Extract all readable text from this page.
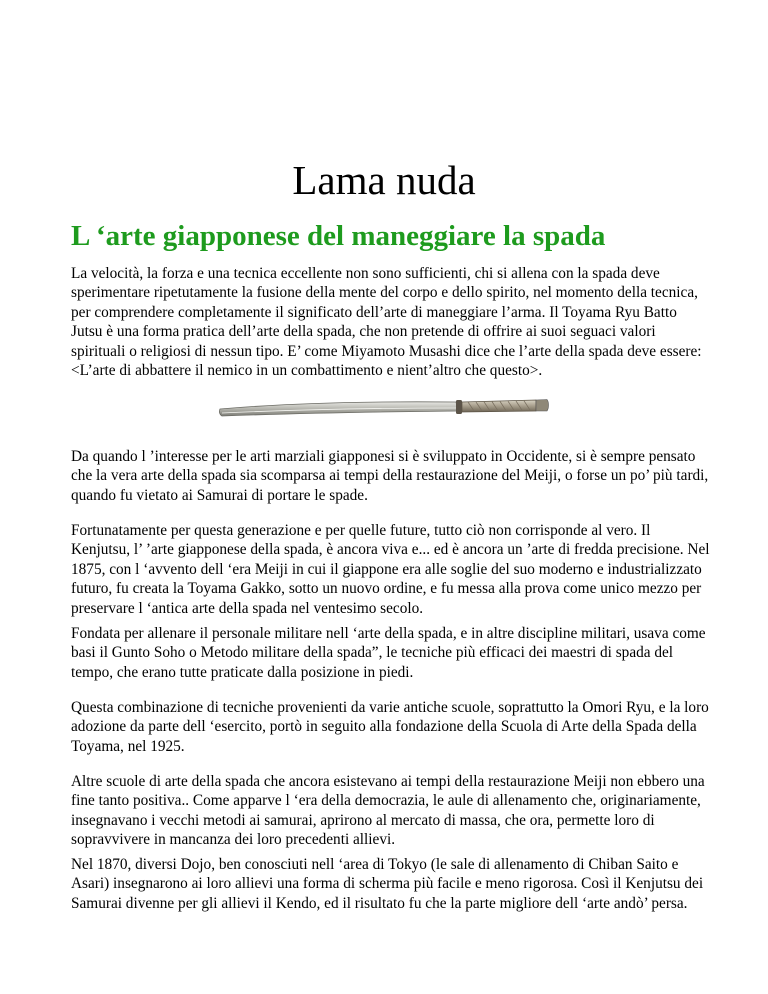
Lama nuda
L ‘arte giapponese del maneggiare la spada

La velocità, la forza e una tecnica eccellente non sono sufficienti, chi si allena con la spada deve sperimentare ripetutamente la fusione della mente del corpo e dello spirito, nel momento della tecnica, per comprendere completamente il significato dell’arte di maneggiare l’arma. Il Toyama Ryu Batto Jutsu è una forma pratica dell’arte della spada, che non pretende di offrire ai suoi seguaci valori spirituali o religiosi di nessun tipo. E’ come Miyamoto Musashi dice che l’arte della spada deve essere: <L’arte di abbattere il nemico in un combattimento e nient’altro che questo>.

Da quando l ’interesse per le arti marziali giapponesi si è sviluppato in Occidente, si è sempre pensato che la vera arte della spada sia scomparsa ai tempi della restaurazione del Meiji, o forse un po’ più tardi, quando fu vietato ai Samurai di portare le spade.

Fortunatamente per questa generazione e per quelle future, tutto ciò non corrisponde al vero. Il Kenjutsu, l’ ’arte giapponese della spada, è ancora viva e... ed è ancora un ’arte di fredda precisione. Nel 1875, con l ‘avvento dell ‘era Meiji in cui il giappone era alle soglie del suo moderno e industrializzato futuro, fu creata la Toyama Gakko, sotto un nuovo ordine, e fu messa alla prova come unico mezzo per preservare l ‘antica arte della spada nel ventesimo secolo.

Fondata per allenare il personale militare nell ‘arte della spada, e in altre discipline militari, usava come basi il Gunto Soho o Metodo militare della spada”, le tecniche più efficaci dei maestri di spada del tempo, che erano tutte praticate dalla posizione in piedi.

Questa combinazione di tecniche provenienti da varie antiche scuole, soprattutto la Omori Ryu, e la loro adozione da parte dell ‘esercito, portò in seguito alla fondazione della Scuola di Arte della Spada della Toyama, nel 1925.

Altre scuole di arte della spada che ancora esistevano ai tempi della restaurazione Meiji non ebbero una fine tanto positiva.. Come apparve l ‘era della democrazia, le aule di allenamento che, originariamente, insegnavano i vecchi metodi ai samurai, aprirono al mercato di massa, che ora, permette loro di sopravvivere in mancanza dei loro precedenti allievi.

Nel 1870, diversi Dojo, ben conosciuti nell ‘area di Tokyo (le sale di allenamento di Chiban Saito e Asari) insegnarono ai loro allievi una forma di scherma più facile e meno rigorosa. Così il Kenjutsu dei Samurai divenne per gli allievi il Kendo, ed il risultato fu che la parte migliore dell ‘arte andò’ persa.
